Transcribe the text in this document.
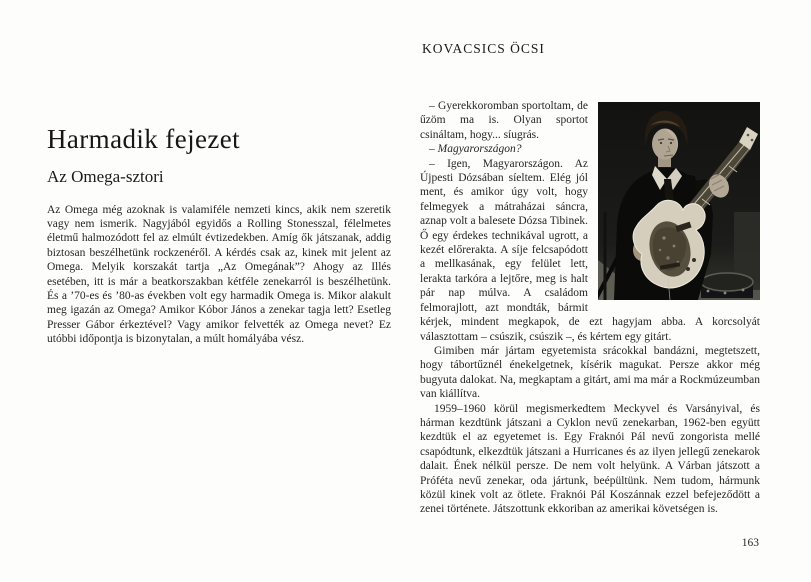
Harmadik fejezet
Az Omega-sztori

Az Omega még azoknak is valamiféle nemzeti kincs, akik nem szeretik vagy nem ismerik. Nagyjából egyidős a Rolling Stonesszal, félelmetes életmű halmozódott fel az elmúlt évtizedekben. Amíg ők játszanak, addig biztosan beszélhetünk rockzenéről. A kérdés csak az, kinek mit jelent az Omega. Melyik korszakát tartja „Az Omegának”? Ahogy az Illés esetében, itt is már a beatkorszakban kétféle zenekarról is beszélhetünk. És a ’70-es és ’80-as években volt egy harmadik Omega is. Mikor alakult meg igazán az Omega? Amikor Kóbor János a zenekar tagja lett? Esetleg Presser Gábor érkeztével? Vagy amikor felvették az Omega nevet? Ez utóbbi időpontja is bizonytalan, a múlt homályába vész.

KOVACSICS ÖCSI

– Gyerekkoromban sportoltam, de űzöm ma is. Olyan sportot csináltam, hogy... síugrás.

– Magyarországon?

– Igen, Magyarországon. Az Újpesti Dózsában síeltem. Elég jól ment, és amikor úgy volt, hogy felmegyek a mátraházai sáncra, aznap volt a balesete Dózsa Tibinek. Ő egy érdekes technikával ugrott, a kezét előrerakta. A síje felcsapódott a mellkasának, egy felület lett, lerakta tarkóra a lejtőre, meg is halt pár nap múlva. A családom felmorajlott, azt mondták, bármit kérjek, mindent megkapok, de ezt hagyjam abba. A korcsolyát választottam – csúszik, csúszik –, és kértem egy gitárt.

Gimiben már jártam egyetemista srácokkal bandázni, megtetszett, hogy tábortűznél énekelgetnek, kísérik magukat. Persze akkor még bugyuta dalokat. Na, megkaptam a gitárt, ami ma már a Rockmúzeumban van kiállítva.

1959–1960 körül megismerkedtem Meckyvel és Varsányival, és hárman kezdtünk játszani a Cyklon nevű zenekarban, 1962-ben együtt kezdtük el az egyetemet is. Egy Fraknói Pál nevű zongorista mellé csapódtunk, elkezdtük játszani a Hurricanes és az ilyen jellegű zenekarok dalait. Ének nélkül persze. De nem volt helyünk. A Várban játszott a Próféta nevű zenekar, oda jártunk, beépültünk. Nem tudom, hármunk közül kinek volt az ötlete. Fraknói Pál Koszánnak ezzel befejeződött a zenei története. Játszottunk ekkoriban az amerikai követségen is.

163
